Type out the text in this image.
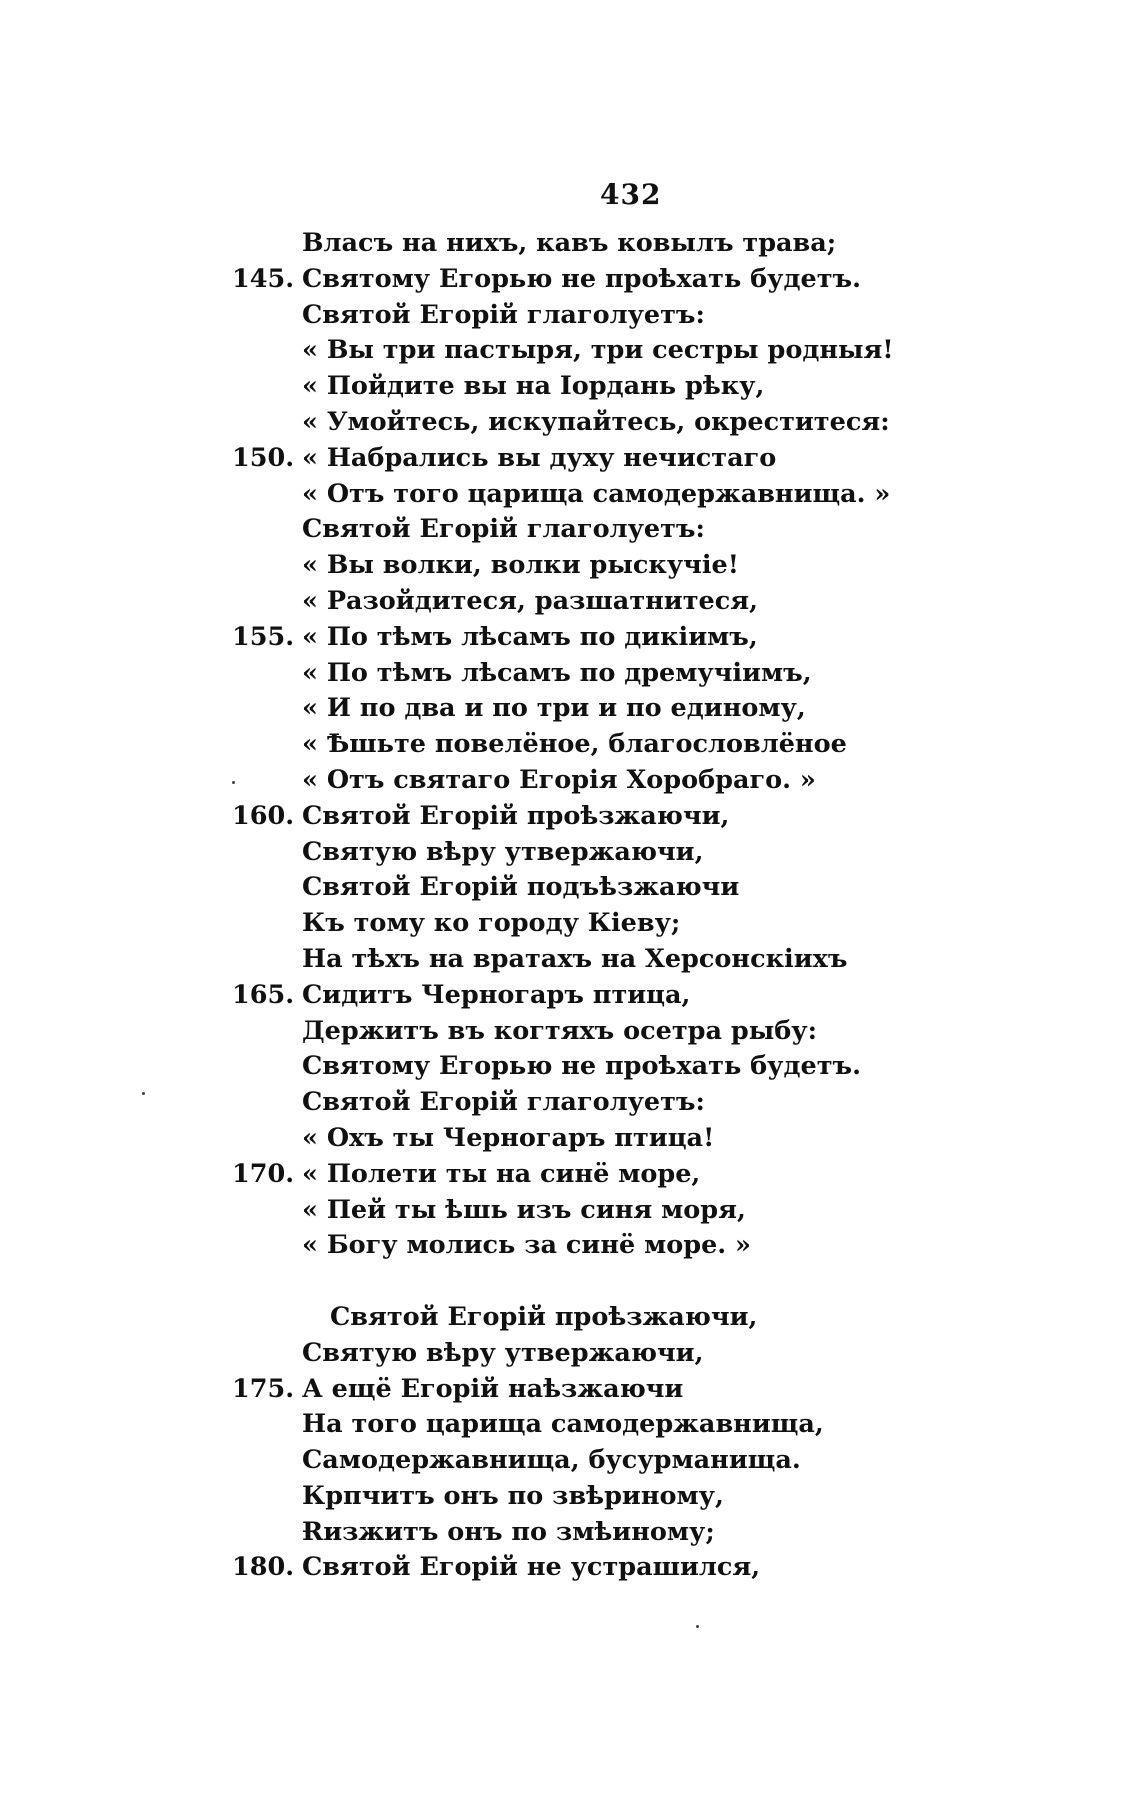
432
Власъ на нихъ, кавъ ковылъ трава;
145. Святому Егорью не проѣхать будетъ.
Святой Егорій глаголуетъ:
« Вы три пастыря, три сестры родныя!
« Пойдите вы на Iордань рѣку,
« Умойтесь, искупайтесь, окреститеся:
150. « Набрались вы духу нечистаго
« Отъ того царища самодержавнища. »
Святой Егорій глаголуетъ:
« Вы волки, волки рыскучіе!
« Разойдитеся, разшатнитеся,
155. « По тѣмъ лѣсамъ по дикіимъ,
« По тѣмъ лѣсамъ по дремучіимъ,
« И по два и по три и по единому,
« Ѣшьте повелёное, благословлёное
« Отъ святаго Егорія Хоробраго. »
160. Святой Егорій проѣзжаючи,
Святую вѣру утвержаючи,
Святой Егорій подъѣзжаючи
Къ тому ко городу Кіеву;
На тѣхъ на вратахъ на Херсонскіихъ
165. Сидитъ Черногаръ птица,
Держитъ въ когтяхъ осетра рыбу:
Святому Егорью не проѣхать будетъ.
Святой Егорій глаголуетъ:
« Охъ ты Черногаръ птица!
170. « Полети ты на синё море,
« Пей ты ѣшь изъ синя моря,
« Богу молись за синё море. »
Святой Егорій проѣзжаючи,
Святую вѣру утвержаючи,
175. А ещё Егорій наѣзжаючи
На того царища самодержавнища,
Самодержавнища, бусурманища.
Крпчитъ онъ по звѣриному,
Ɍизжитъ онъ по змѣиному;
180. Святой Егорій не устрашился,
